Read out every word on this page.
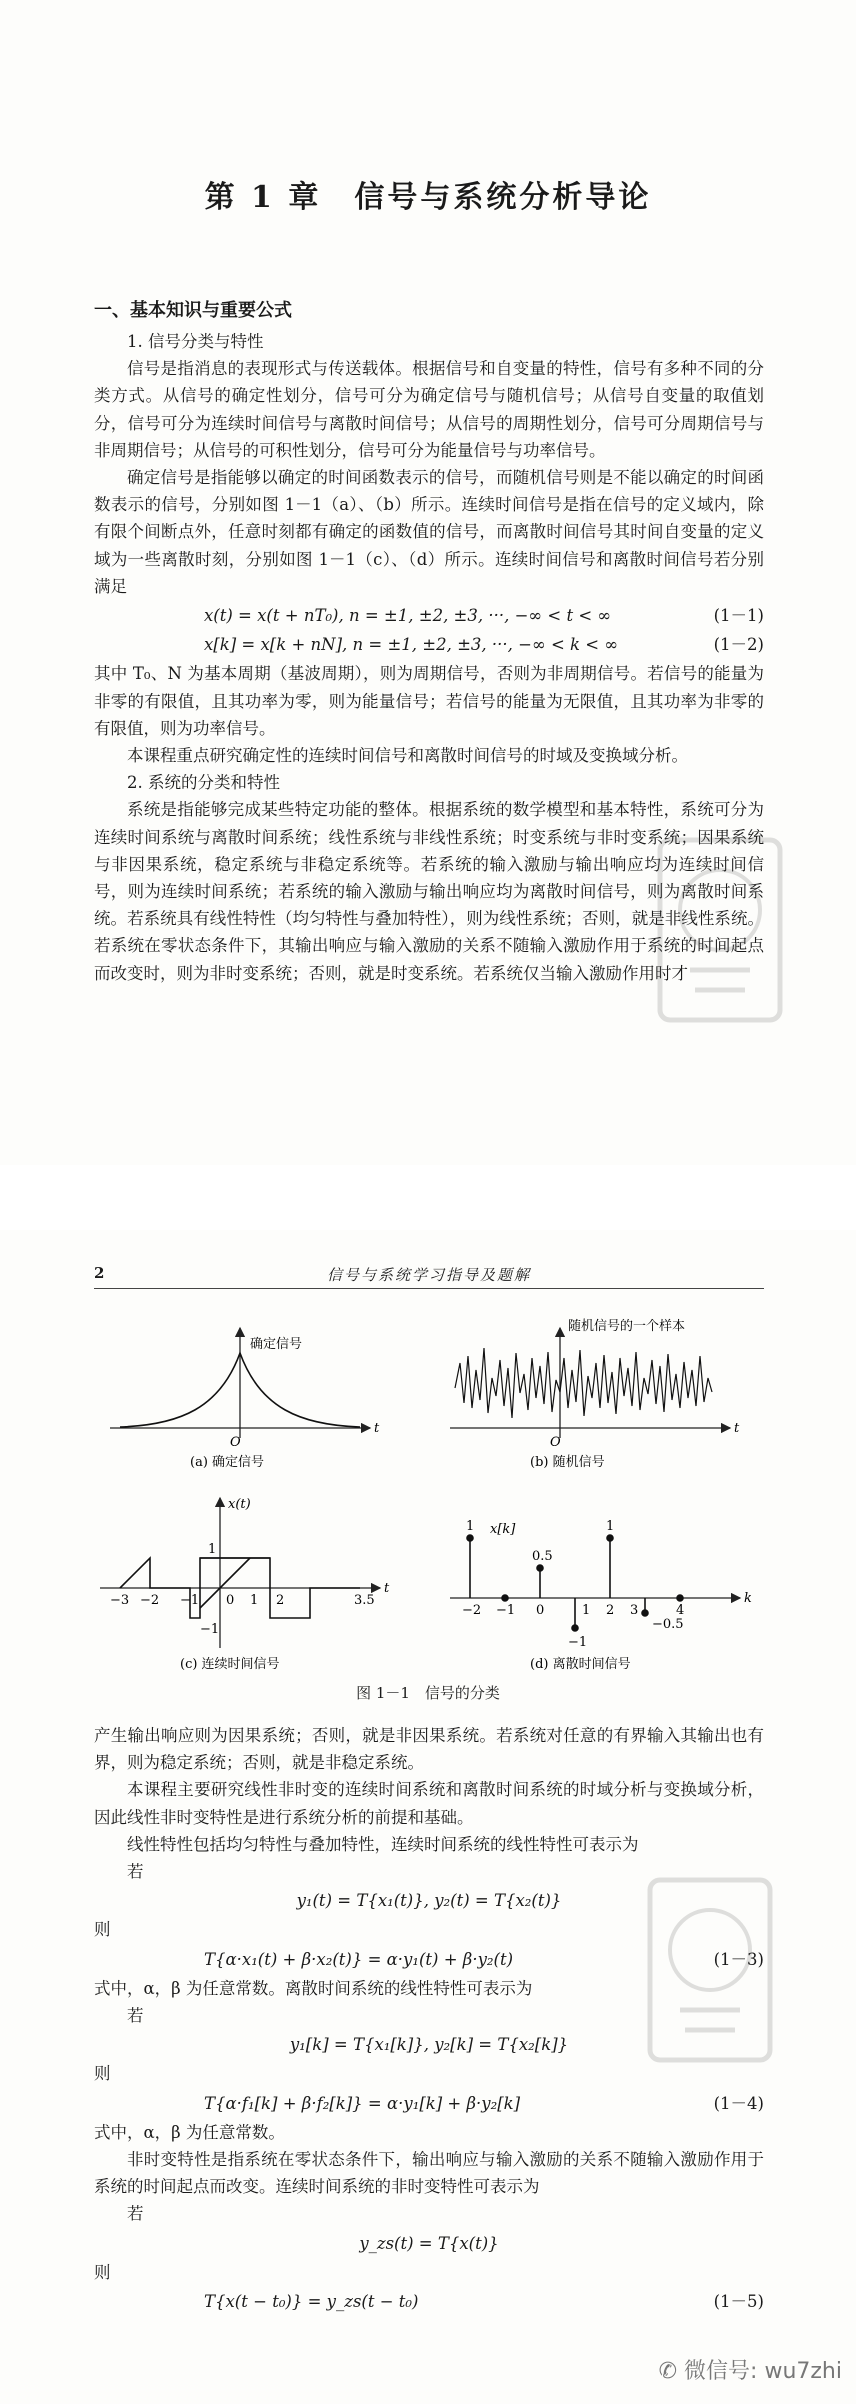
第 1 章　信号与系统分析导论
一、基本知识与重要公式

1. 信号分类与特性

信号是指消息的表现形式与传送载体。根据信号和自变量的特性，信号有多种不同的分类方式。从信号的确定性划分，信号可分为确定信号与随机信号；从信号自变量的取值划分，信号可分为连续时间信号与离散时间信号；从信号的周期性划分，信号可分周期信号与非周期信号；从信号的可积性划分，信号可分为能量信号与功率信号。

确定信号是指能够以确定的时间函数表示的信号，而随机信号则是不能以确定的时间函数表示的信号，分别如图 1－1（a）、（b）所示。连续时间信号是指在信号的定义域内，除有限个间断点外，任意时刻都有确定的函数值的信号，而离散时间信号其时间自变量的定义域为一些离散时刻，分别如图 1－1（c）、（d）所示。连续时间信号和离散时间信号若分别满足

x(t) = x(t + nT₀), n = ±1, ±2, ±3, ···, −∞ < t < ∞	(1－1)
x[k] = x[k + nN], n = ±1, ±2, ±3, ···, −∞ < k < ∞	(1－2)

其中 T₀、N 为基本周期（基波周期），则为周期信号，否则为非周期信号。若信号的能量为非零的有限值，且其功率为零，则为能量信号；若信号的能量为无限值，且其功率为非零的有限值，则为功率信号。

本课程重点研究确定性的连续时间信号和离散时间信号的时域及变换域分析。

2. 系统的分类和特性

系统是指能够完成某些特定功能的整体。根据系统的数学模型和基本特性，系统可分为连续时间系统与离散时间系统；线性系统与非线性系统；时变系统与非时变系统；因果系统与非因果系统，稳定系统与非稳定系统等。若系统的输入激励与输出响应均为连续时间信号，则为连续时间系统；若系统的输入激励与输出响应均为离散时间信号，则为离散时间系统。若系统具有线性特性（均匀特性与叠加特性），则为线性系统；否则，就是非线性系统。若系统在零状态条件下，其输出响应与输入激励的关系不随输入激励作用于系统的时间起点而改变时，则为非时变系统；否则，就是时变系统。若系统仅当输入激励作用时才

2	信号与系统学习指导及题解
确定信号
t
O
(a) 确定信号
随机信号的一个样本
t
O
(b) 随机信号
x(t)
t
1
−1
−3 −2 −1 0 1 2	3.5
(c) 连续时间信号
x[k]
k
1
0.5
1
−0.5
−1
−2 −1 0	1 2 3	4
(d) 离散时间信号
图 1－1　信号的分类

产生输出响应则为因果系统；否则，就是非因果系统。若系统对任意的有界输入其输出也有界，则为稳定系统；否则，就是非稳定系统。

本课程主要研究线性非时变的连续时间系统和离散时间系统的时域分析与变换域分析，因此线性非时变特性是进行系统分析的前提和基础。

线性特性包括均匀特性与叠加特性，连续时间系统的线性特性可表示为

若

y₁(t) = T{x₁(t)}, y₂(t) = T{x₂(t)}

则

T{α·x₁(t) + β·x₂(t)} = α·y₁(t) + β·y₂(t)	(1－3)

式中，α，β 为任意常数。离散时间系统的线性特性可表示为

若

y₁[k] = T{x₁[k]}, y₂[k] = T{x₂[k]}

则

T{α·f₁[k] + β·f₂[k]} = α·y₁[k] + β·y₂[k]	(1－4)

式中，α，β 为任意常数。

非时变特性是指系统在零状态条件下，输出响应与输入激励的关系不随输入激励作用于系统的时间起点而改变。连续时间系统的非时变特性可表示为

若

y_zs(t) = T{x(t)}

则

T{x(t − t₀)} = y_zs(t − t₀)	(1－5)
✆ 微信号: wu7zhi
